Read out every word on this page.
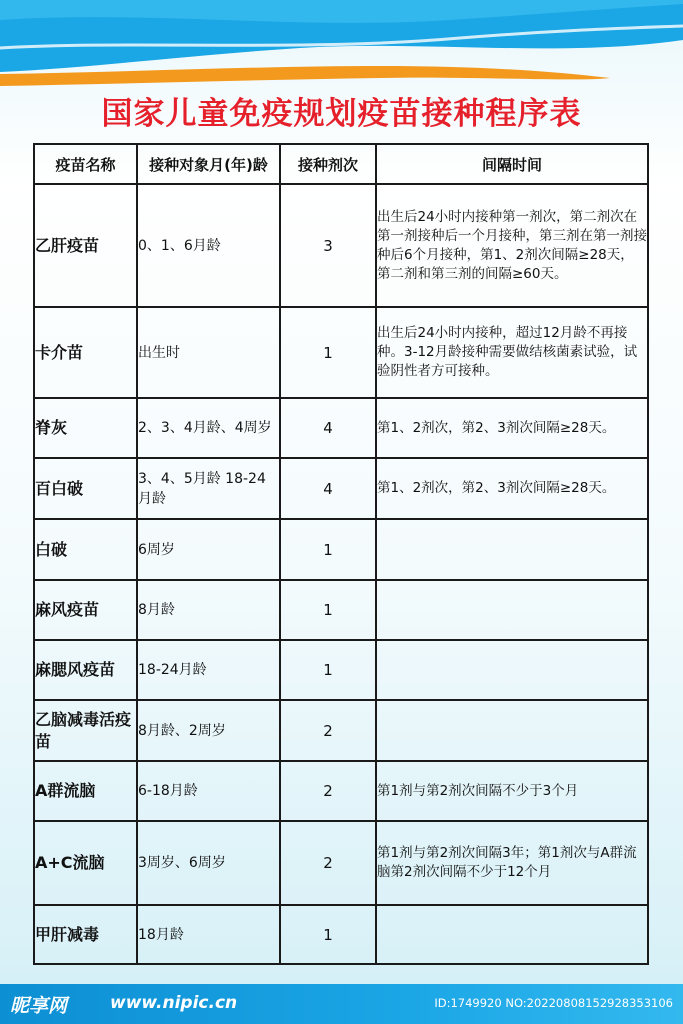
国家儿童免疫规划疫苗接种程序表
疫苗名称	接种对象月(年)龄	接种剂次	间隔时间
乙肝疫苗	0、1、6月龄	3	出生后24小时内接种第一剂次，第二剂次在第一剂接种后一个月接种，第三剂在第一剂接种后6个月接种，第1、2剂次间隔≥28天，第二剂和第三剂的间隔≥60天。
卡介苗	出生时	1	出生后24小时内接种，超过12月龄不再接种。3-12月龄接种需要做结核菌素试验，试验阴性者方可接种。
脊灰	2、3、4月龄、4周岁	4	第1、2剂次，第2、3剂次间隔≥28天。
百白破	3、4、5月龄 18-24月龄	4	第1、2剂次，第2、3剂次间隔≥28天。
白破	6周岁	1	
麻风疫苗	8月龄	1	
麻腮风疫苗	18-24月龄	1	
乙脑减毒活疫苗	8月龄、2周岁	2	
A群流脑	6-18月龄	2	第1剂与第2剂次间隔不少于3个月
A+C流脑	3周岁、6周岁	2	第1剂与第2剂次间隔3年；第1剂次与A群流脑第2剂次间隔不少于12个月
甲肝减毒	18月龄	1	
昵享网	www.nipic.cn	ID:1749920 NO:20220808152928353106
